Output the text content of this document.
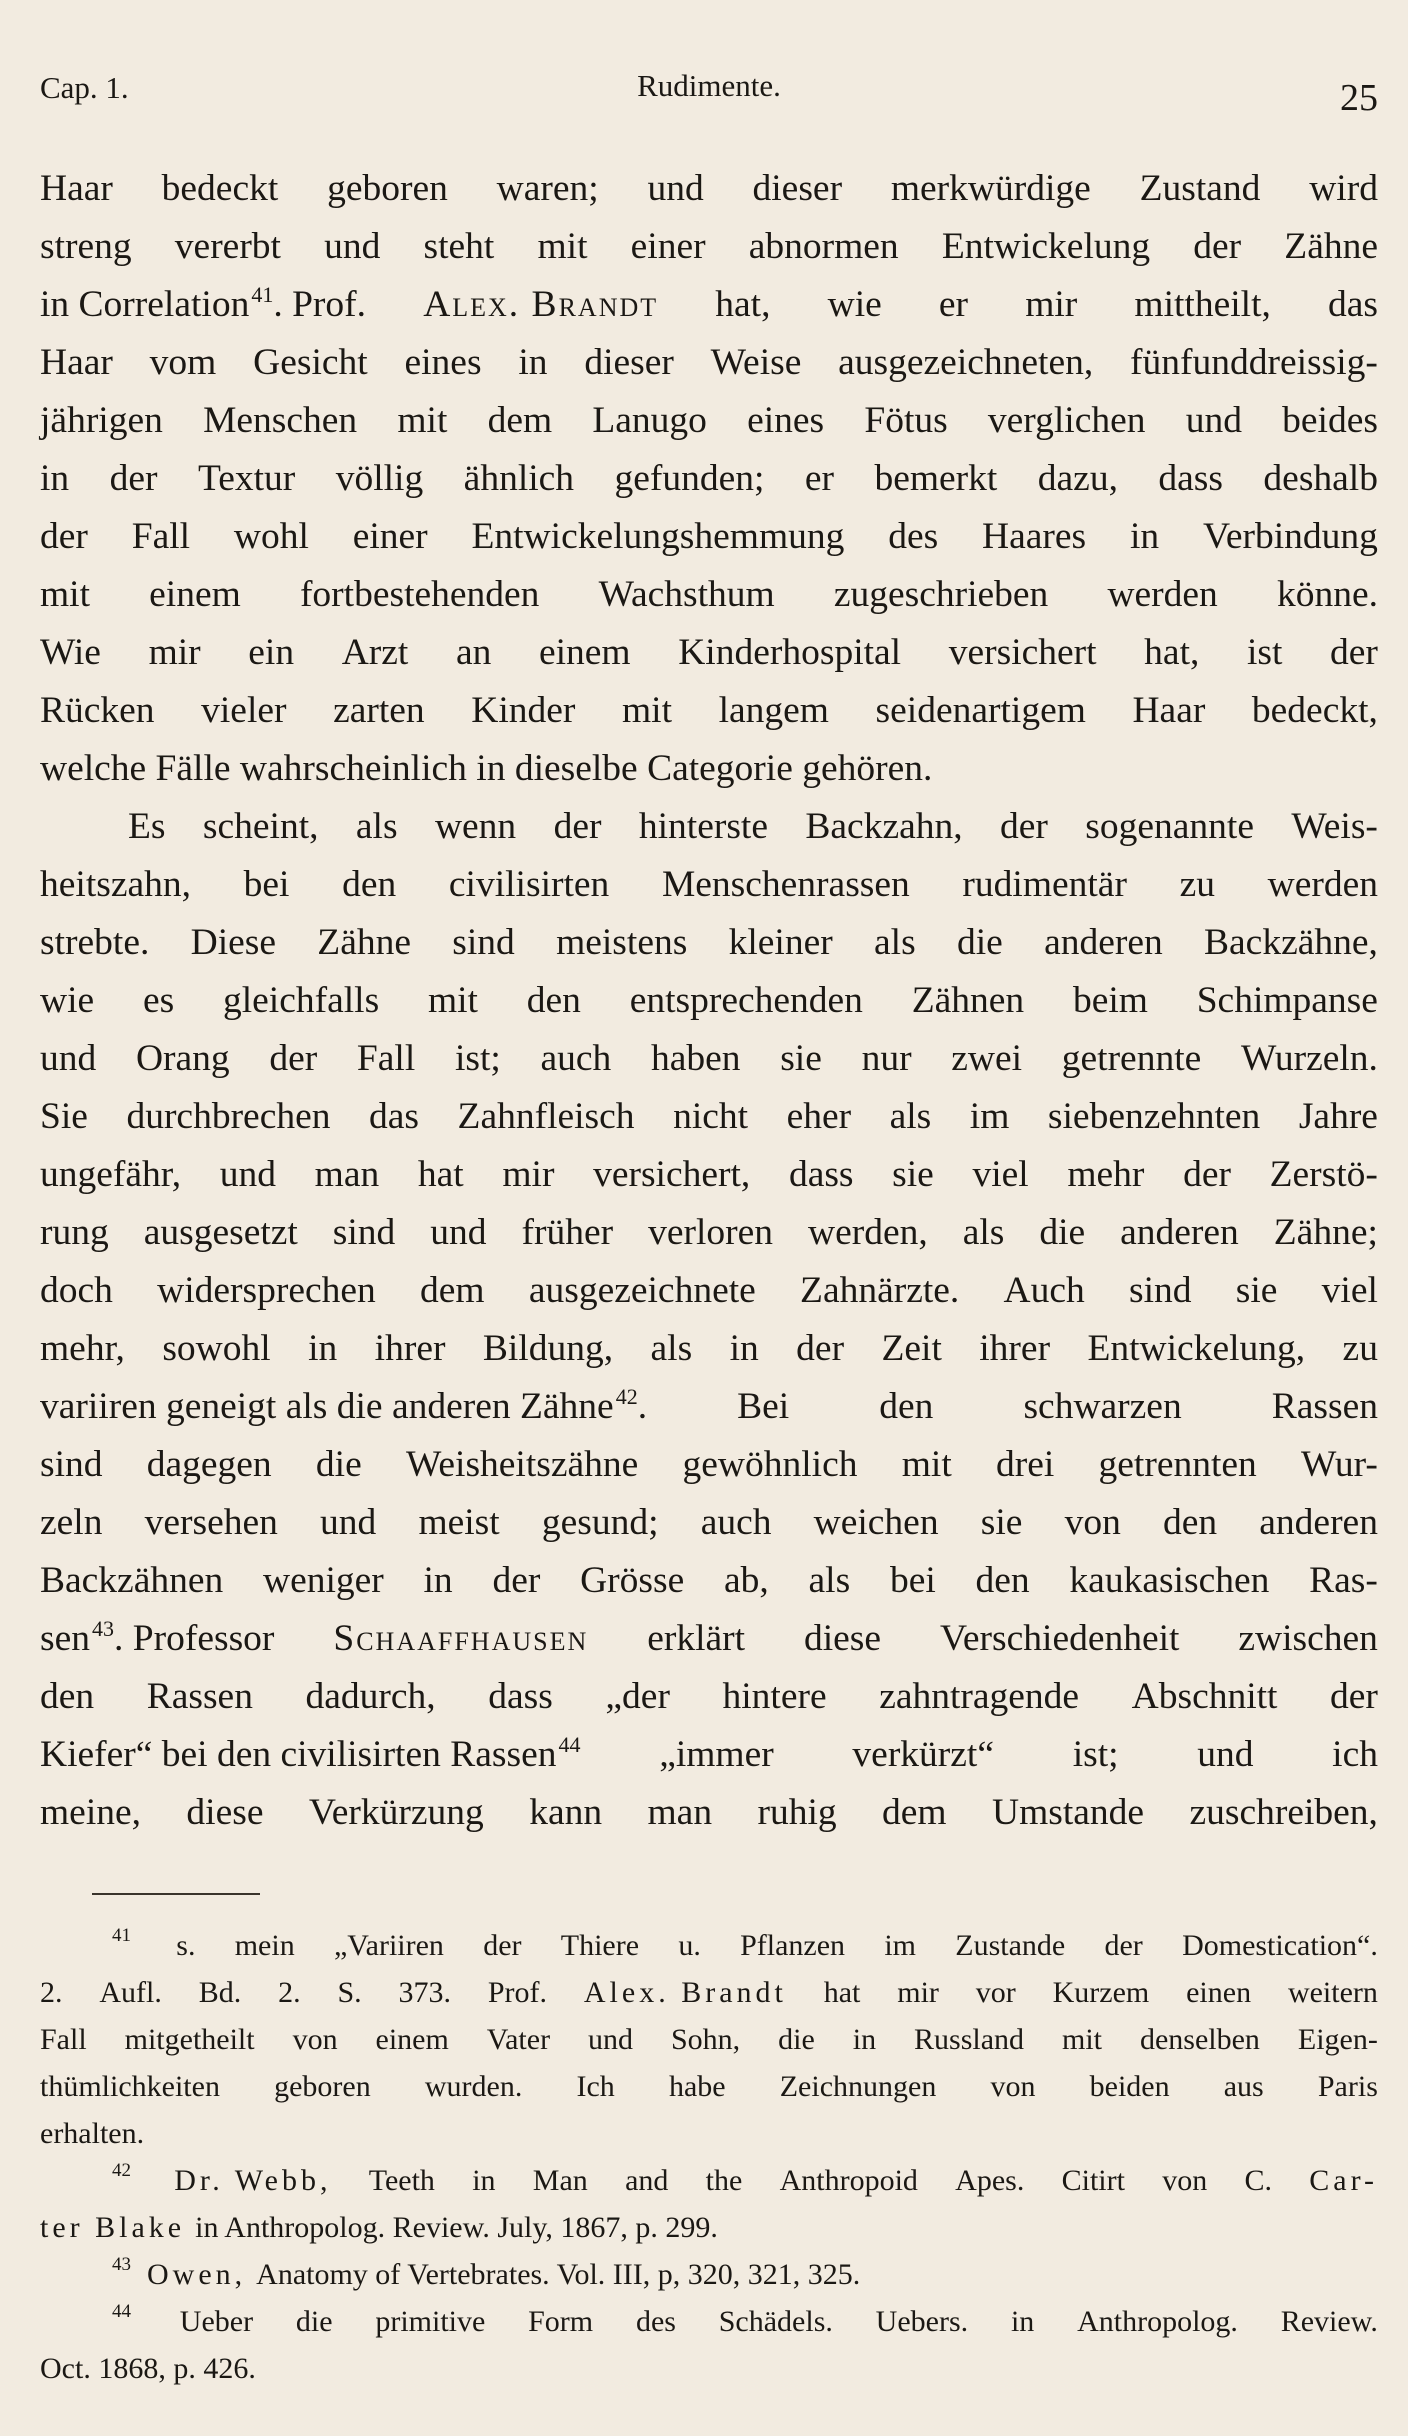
Cap. 1.	Rudimente.	25
Haar bedeckt geboren waren; und dieser merkwürdige Zustand wird
streng vererbt und steht mit einer abnormen Entwickelung der Zähne
in Correlation$^{41}$. Prof. Alex. Brandt hat, wie er mir mittheilt, das
Haar vom Gesicht eines in dieser Weise ausgezeichneten, fünfunddreissig-
jährigen Menschen mit dem Lanugo eines Fötus verglichen und beides
in der Textur völlig ähnlich gefunden; er bemerkt dazu, dass deshalb
der Fall wohl einer Entwickelungshemmung des Haares in Verbindung
mit einem fortbestehenden Wachsthum zugeschrieben werden könne.
Wie mir ein Arzt an einem Kinderhospital versichert hat, ist der
Rücken vieler zarten Kinder mit langem seidenartigem Haar bedeckt,
welche Fälle wahrscheinlich in dieselbe Categorie gehören.
Es scheint, als wenn der hinterste Backzahn, der sogenannte Weis-
heitszahn, bei den civilisirten Menschenrassen rudimentär zu werden
strebte. Diese Zähne sind meistens kleiner als die anderen Backzähne,
wie es gleichfalls mit den entsprechenden Zähnen beim Schimpanse
und Orang der Fall ist; auch haben sie nur zwei getrennte Wurzeln.
Sie durchbrechen das Zahnfleisch nicht eher als im siebenzehnten Jahre
ungefähr, und man hat mir versichert, dass sie viel mehr der Zerstö-
rung ausgesetzt sind und früher verloren werden, als die anderen Zähne;
doch widersprechen dem ausgezeichnete Zahnärzte. Auch sind sie viel
mehr, sowohl in ihrer Bildung, als in der Zeit ihrer Entwickelung, zu
variiren geneigt als die anderen Zähne$^{42}$. Bei den schwarzen Rassen
sind dagegen die Weisheitszähne gewöhnlich mit drei getrennten Wur-
zeln versehen und meist gesund; auch weichen sie von den anderen
Backzähnen weniger in der Grösse ab, als bei den kaukasischen Ras-
sen$^{43}$. Professor Schaaffhausen erklärt diese Verschiedenheit zwischen
den Rassen dadurch, dass „der hintere zahntragende Abschnitt der
Kiefer“ bei den civilisirten Rassen$^{44}$ „immer verkürzt“ ist; und ich
meine, diese Verkürzung kann man ruhig dem Umstande zuschreiben,
41 s. mein „Variiren der Thiere u. Pflanzen im Zustande der Domestication“.
2. Aufl. Bd. 2. S. 373. Prof. Alex. Brandt hat mir vor Kurzem einen weitern
Fall mitgetheilt von einem Vater und Sohn, die in Russland mit denselben Eigen-
thümlichkeiten geboren wurden. Ich habe Zeichnungen von beiden aus Paris
erhalten.
42 Dr. Webb, Teeth in Man and the Anthropoid Apes. Citirt von C. Car-
ter Blake in Anthropolog. Review. July, 1867, p. 299.
43 Owen, Anatomy of Vertebrates. Vol. III, p, 320, 321, 325.
44 Ueber die primitive Form des Schädels. Uebers. in Anthropolog. Review.
Oct. 1868, p. 426.
